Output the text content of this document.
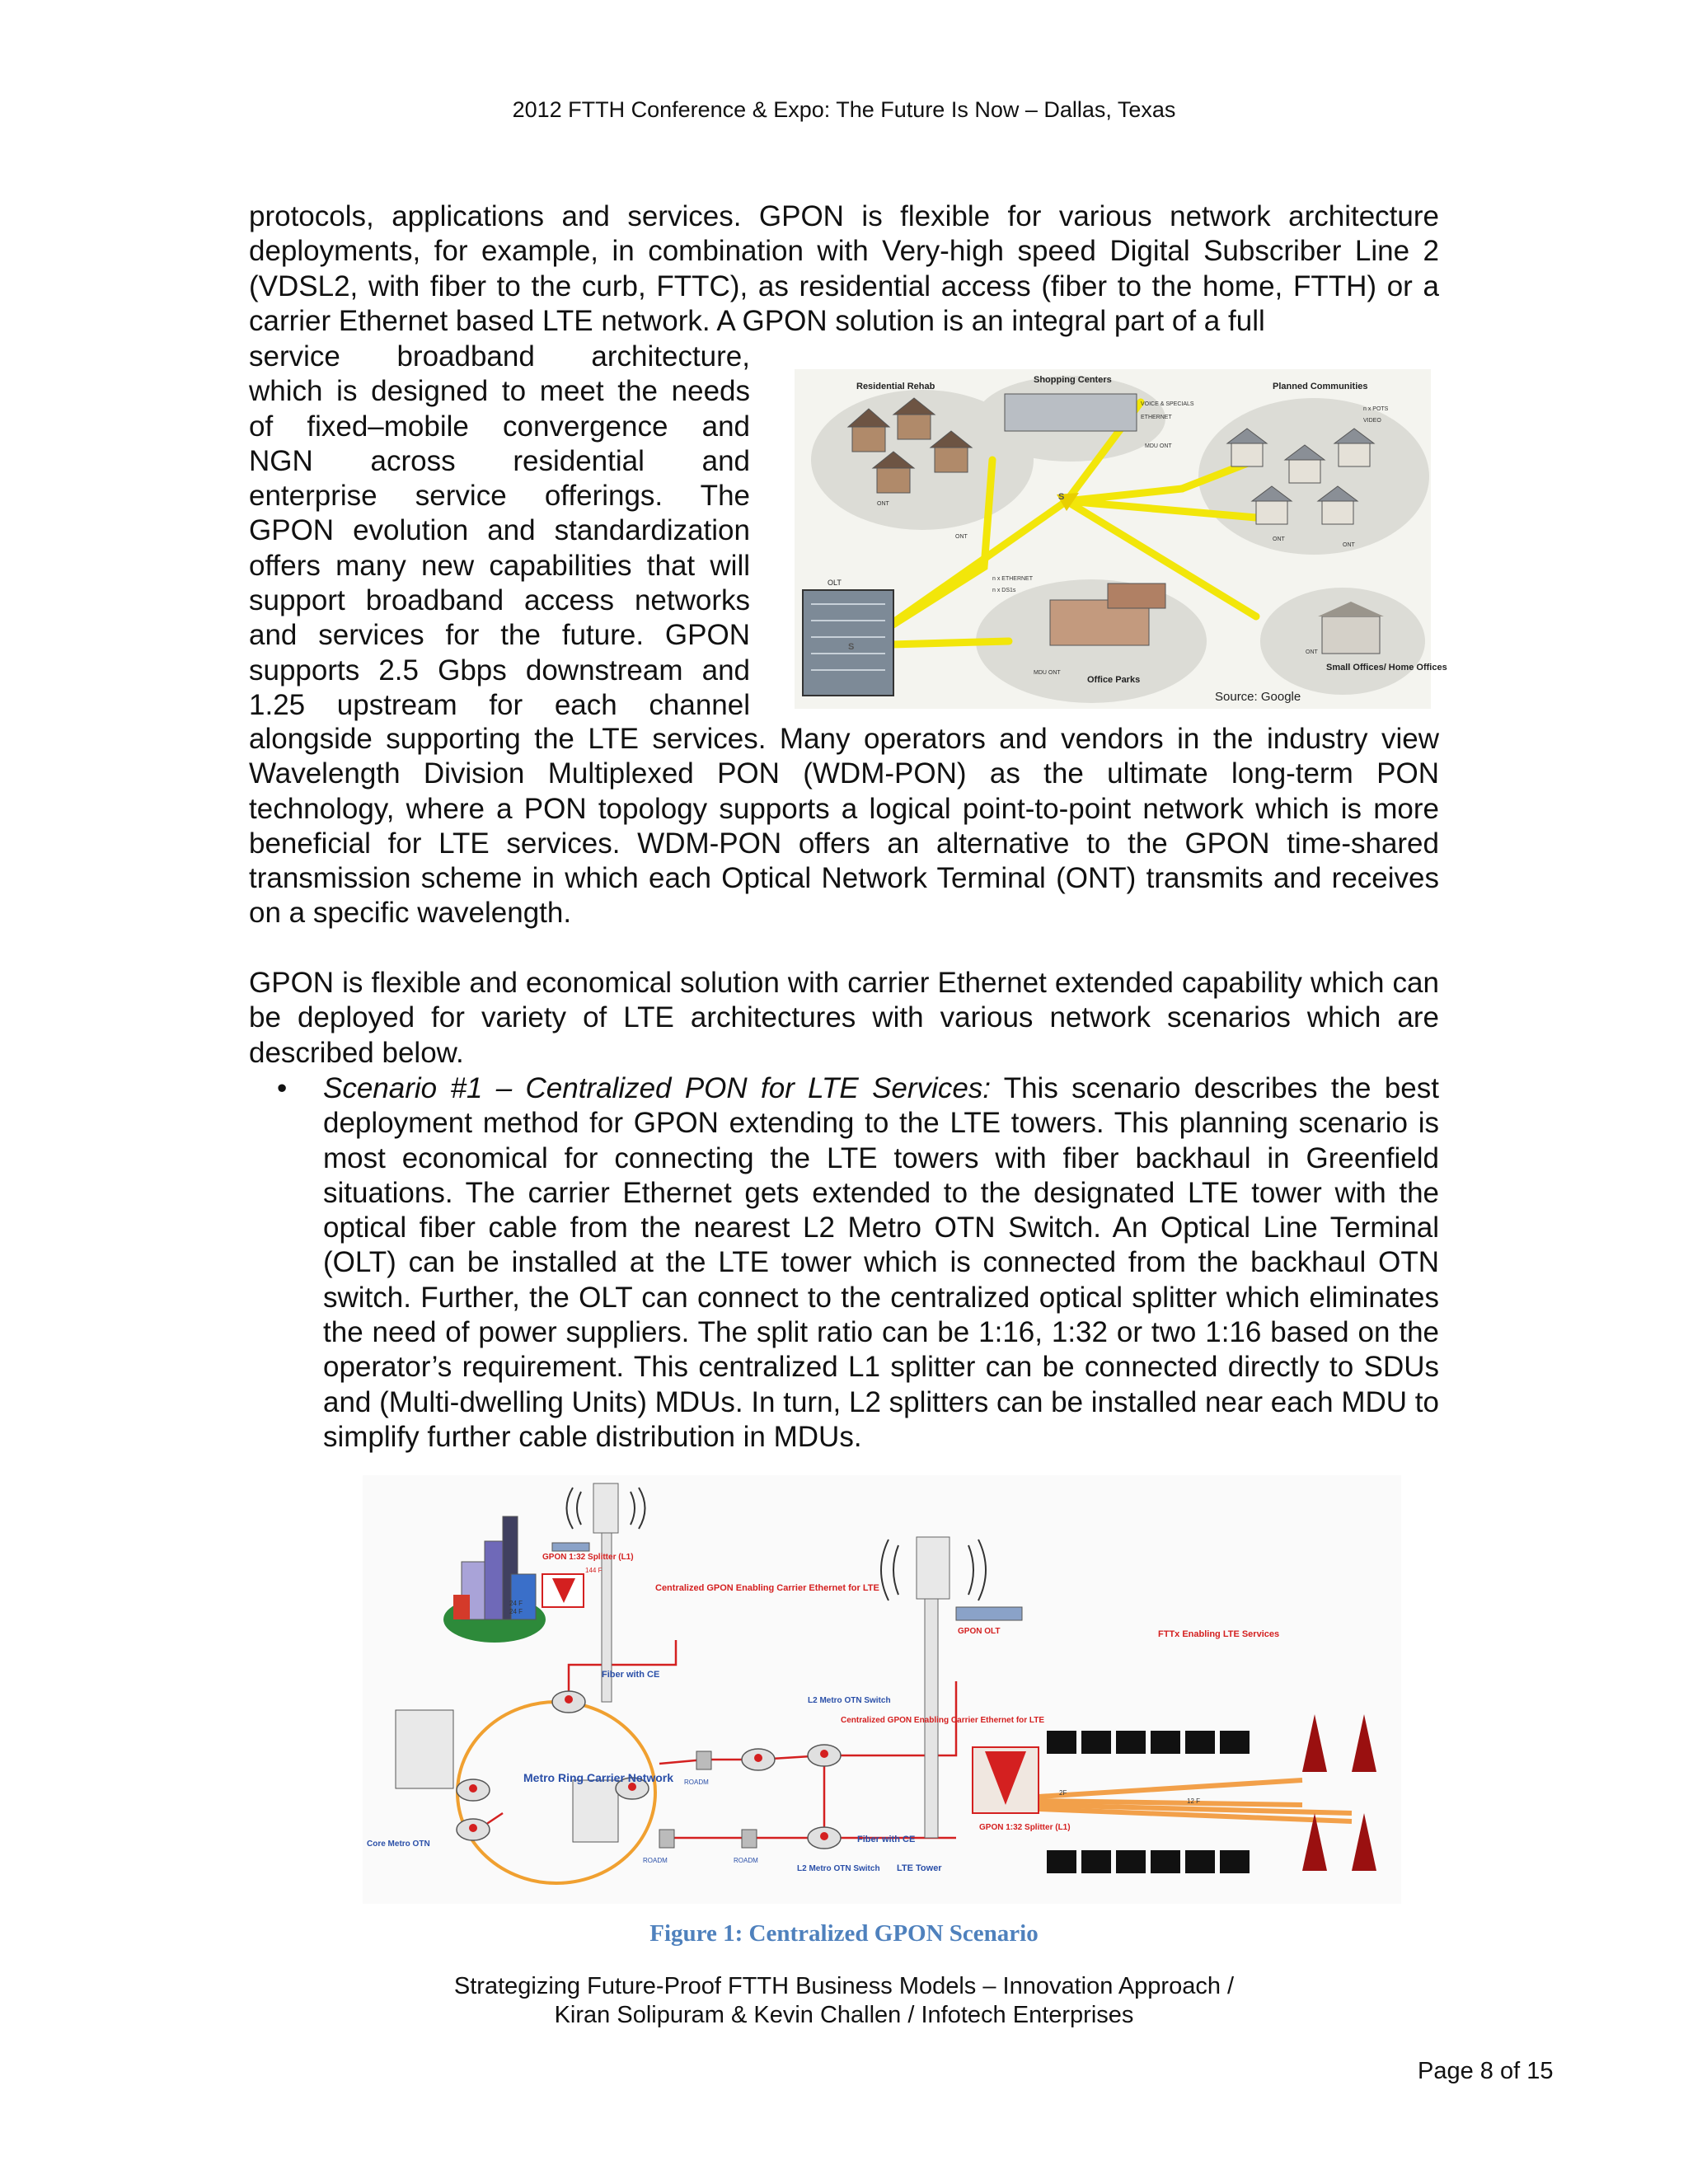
2012 FTTH Conference & Expo: The Future Is Now – Dallas, Texas
protocols, applications and services. GPON is flexible for various network architecture deployments, for example, in combination with Very-high speed Digital Subscriber Line 2 (VDSL2, with fiber to the curb, FTTC), as residential access (fiber to the home, FTTH) or a carrier Ethernet based LTE network. A GPON solution is an integral part of a full
service broadband architecture,
which is designed to meet the needs
of fixed–mobile convergence and
NGN across residential and
enterprise service offerings. The
GPON evolution and standardization
offers many new capabilities that will
support broadband access networks
and services for the future. GPON
supports 2.5 Gbps downstream and
1.25 upstream for each channel
Residential Rehab
Shopping Centers
Planned Communities
VOICE & SPECIALS
ETHERNET
n x POTS
VIDEO
OLT	n x ETHERNET
n x DS1s
Office Parks
Small Offices/ Home Offices
Source: Google
S
S
ONT
ONT	ONT
ONT
ONT
MDU ONT
MDU ONT
alongside supporting the LTE services. Many operators and vendors in the industry view Wavelength Division Multiplexed PON (WDM-PON) as the ultimate long-term PON technology, where a PON topology supports a logical point-to-point network which is more beneficial for LTE services. WDM-PON offers an alternative to the GPON time-shared transmission scheme in which each Optical Network Terminal (ONT) transmits and receives on a specific wavelength.
GPON is flexible and economical solution with carrier Ethernet extended capability which can be deployed for variety of LTE architectures with various network scenarios which are described below.
• Scenario #1 – Centralized PON for LTE Services: This scenario describes the best deployment method for GPON extending to the LTE towers. This planning scenario is most economical for connecting the LTE towers with fiber backhaul in Greenfield situations. The carrier Ethernet gets extended to the designated LTE tower with the optical fiber cable from the nearest L2 Metro OTN Switch. An Optical Line Terminal (OLT) can be installed at the LTE tower which is connected from the backhaul OTN switch. Further, the OLT can connect to the centralized optical splitter which eliminates the need of power suppliers. The split ratio can be 1:16, 1:32 or two 1:16 based on the operator’s requirement. This centralized L1 splitter can be connected directly to SDUs and (Multi-dwelling Units) MDUs. In turn, L2 splitters can be installed near each MDU to simplify further cable distribution in MDUs.
GPON 1:32 Splitter (L1)
Centralized GPON Enabling Carrier Ethernet for LTE
Fiber with CE
24 F
24 F
144 F
L2 Metro OTN Switch
Centralized GPON Enabling Carrier Ethernet for LTE
GPON OLT	FTTx Enabling LTE Services
Metro Ring Carrier Network
Core Metro OTN
ROADM
ROADM	ROADM
L2 Metro OTN Switch
Fiber with CE
LTE Tower
GPON 1:32 Splitter (L1)
2F
12 F
Figure 1: Centralized GPON Scenario
Strategizing Future-Proof FTTH Business Models – Innovation Approach /
Kiran Solipuram & Kevin Challen / Infotech Enterprises
Page 8 of 15
